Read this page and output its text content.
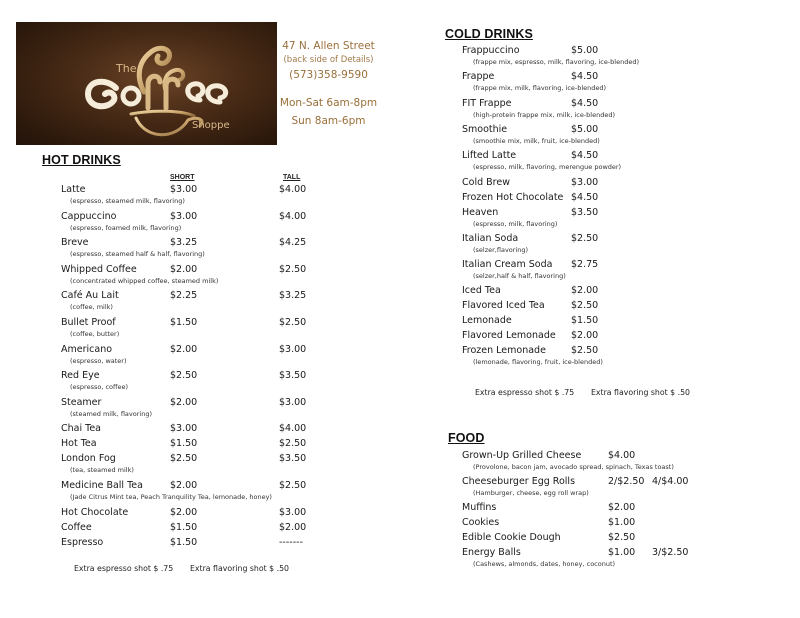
The
Shoppe
47 N. Allen Street
(back side of Details)
(573)358-9590
Mon-Sat 6am-8pm
Sun 8am-6pm
HOT DRINKS
SHORT	TALL
Latte	$3.00	$4.00
(espresso, steamed milk, flavoring)
Cappuccino	$3.00	$4.00
(espresso, foamed milk, flavoring)
Breve	$3.25	$4.25
(espresso, steamed half & half, flavoring)
Whipped Coffee	$2.00	$2.50
(concentrated whipped coffee, steamed milk)
Café Au Lait	$2.25	$3.25
(coffee, milk)
Bullet Proof	$1.50	$2.50
(coffee, butter)
Americano	$2.00	$3.00
(espresso, water)
Red Eye	$2.50	$3.50
(espresso, coffee)
Steamer	$2.00	$3.00
(steamed milk, flavoring)
Chai Tea	$3.00	$4.00
Hot Tea	$1.50	$2.50
London Fog	$2.50	$3.50
(tea, steamed milk)
Medicine Ball Tea	$2.00	$2.50
(Jade Citrus Mint tea, Peach Tranquility Tea, lemonade, honey)
Hot Chocolate	$2.00	$3.00
Coffee	$1.50	$2.00
Espresso	$1.50	-------
Extra espresso shot $ .75 Extra flavoring shot $ .50
COLD DRINKS
Frappuccino	$5.00
(frappe mix, espresso, milk, flavoring, ice-blended)
Frappe	$4.50
(frappe mix, milk, flavoring, ice-blended)
FIT Frappe	$4.50
(high-protein frappe mix, milk, ice-blended)
Smoothie	$5.00
(smoothie mix, milk, fruit, ice-blended)
Lifted Latte	$4.50
(espresso, milk, flavoring, merengue powder)
Cold Brew	$3.00
Frozen Hot Chocolate $4.50
Heaven	$3.50
(espresso, milk, flavoring)
Italian Soda	$2.50
(selzer,flavoring)
Italian Cream Soda $2.75
(selzer,half & half, flavoring)
Iced Tea	$2.00
Flavored Iced Tea	$2.50
Lemonade	$1.50
Flavored Lemonade $2.00
Frozen Lemonade	$2.50
(lemonade, flavoring, fruit, ice-blended)
Extra espresso shot $ .75 Extra flavoring shot $ .50
FOOD
Grown-Up Grilled Cheese	$4.00
(Provolone, bacon jam, avocado spread, spinach, Texas toast)
Cheeseburger Egg Rolls	2/$2.50 4/$4.00
(Hamburger, cheese, egg roll wrap)
Muffins	$2.00
Cookies	$1.00
Edible Cookie Dough	$2.50
Energy Balls	$1.00 3/$2.50
(Cashews, almonds, dates, honey, coconut)
